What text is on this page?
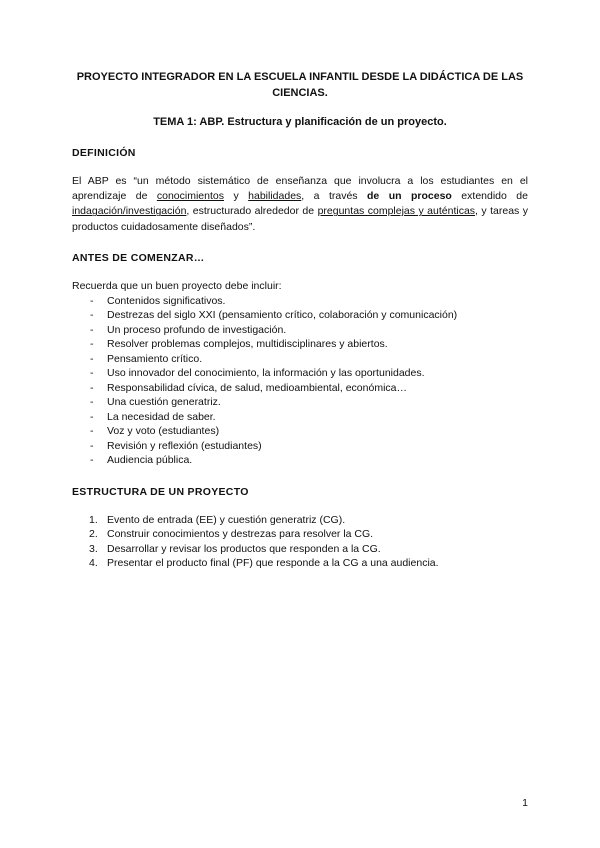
PROYECTO INTEGRADOR EN LA ESCUELA INFANTIL DESDE LA DIDÁCTICA DE LAS CIENCIAS.
TEMA 1: ABP. Estructura y planificación de un proyecto.
DEFINICIÓN

El ABP es “un método sistemático de enseñanza que involucra a los estudiantes en el aprendizaje de conocimientos y habilidades, a través de un proceso extendido de indagación/investigación, estructurado alrededor de preguntas complejas y auténticas, y tareas y productos cuidadosamente diseñados”.

ANTES DE COMENZAR…

Recuerda que un buen proyecto debe incluir:

- Contenidos significativos.
- Destrezas del siglo XXI (pensamiento crítico, colaboración y comunicación)
- Un proceso profundo de investigación.
- Resolver problemas complejos, multidisciplinares y abiertos.
- Pensamiento crítico.
- Uso innovador del conocimiento, la información y las oportunidades.
- Responsabilidad cívica, de salud, medioambiental, económica…
- Una cuestión generatriz.
- La necesidad de saber.
- Voz y voto (estudiantes)
- Revisión y reflexión (estudiantes)
- Audiencia pública.
ESTRUCTURA DE UN PROYECTO
1. Evento de entrada (EE) y cuestión generatriz (CG).
2. Construir conocimientos y destrezas para resolver la CG.
3. Desarrollar y revisar los productos que responden a la CG.
4. Presentar el producto final (PF) que responde a la CG a una audiencia.
1
